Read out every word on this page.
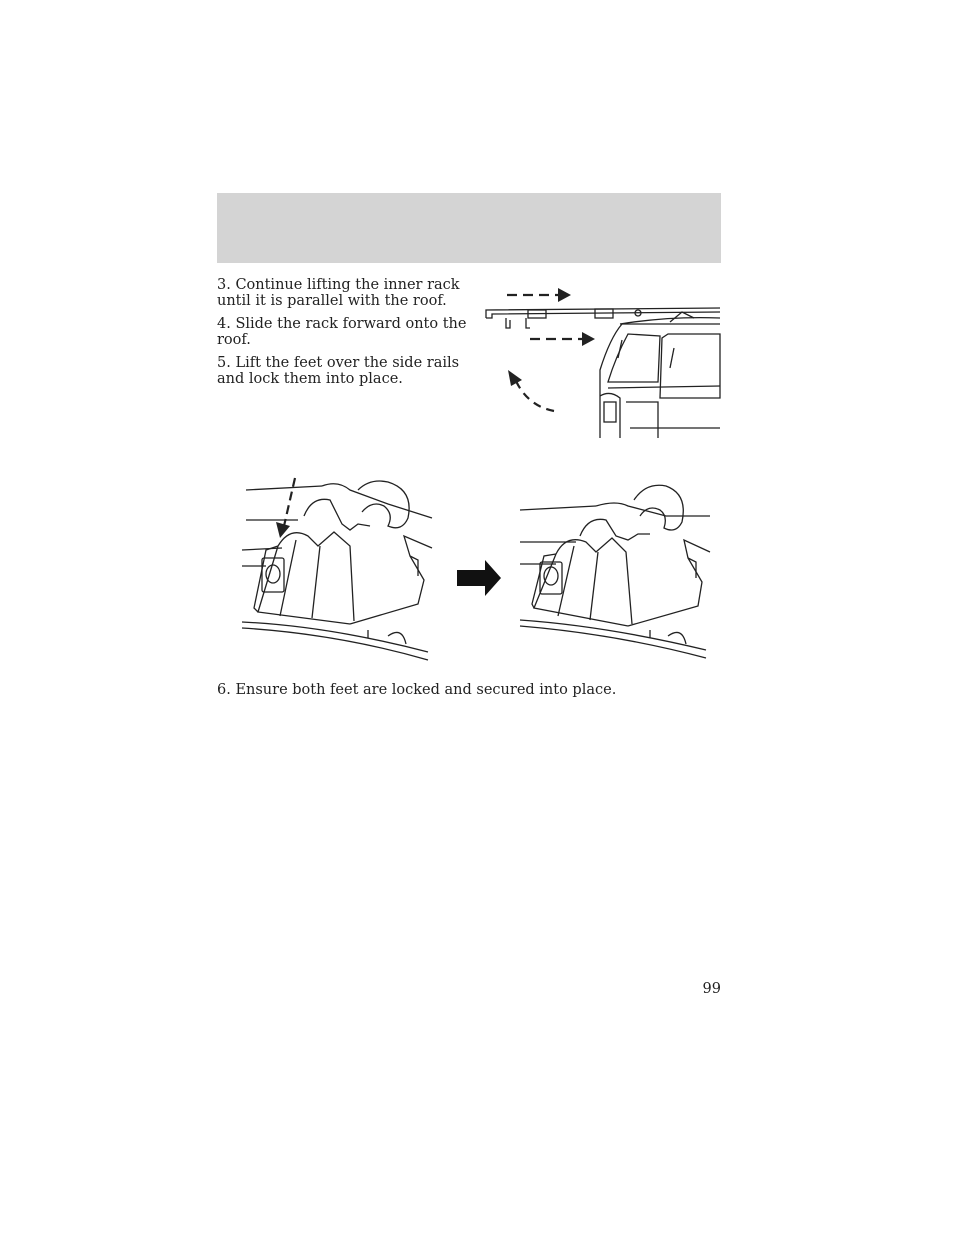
3. Continue lifting the inner rack until it is parallel with the roof.

4. Slide the rack forward onto the roof.

5. Lift the feet over the side rails and lock them into place.

6. Ensure both feet are locked and secured into place.

99
